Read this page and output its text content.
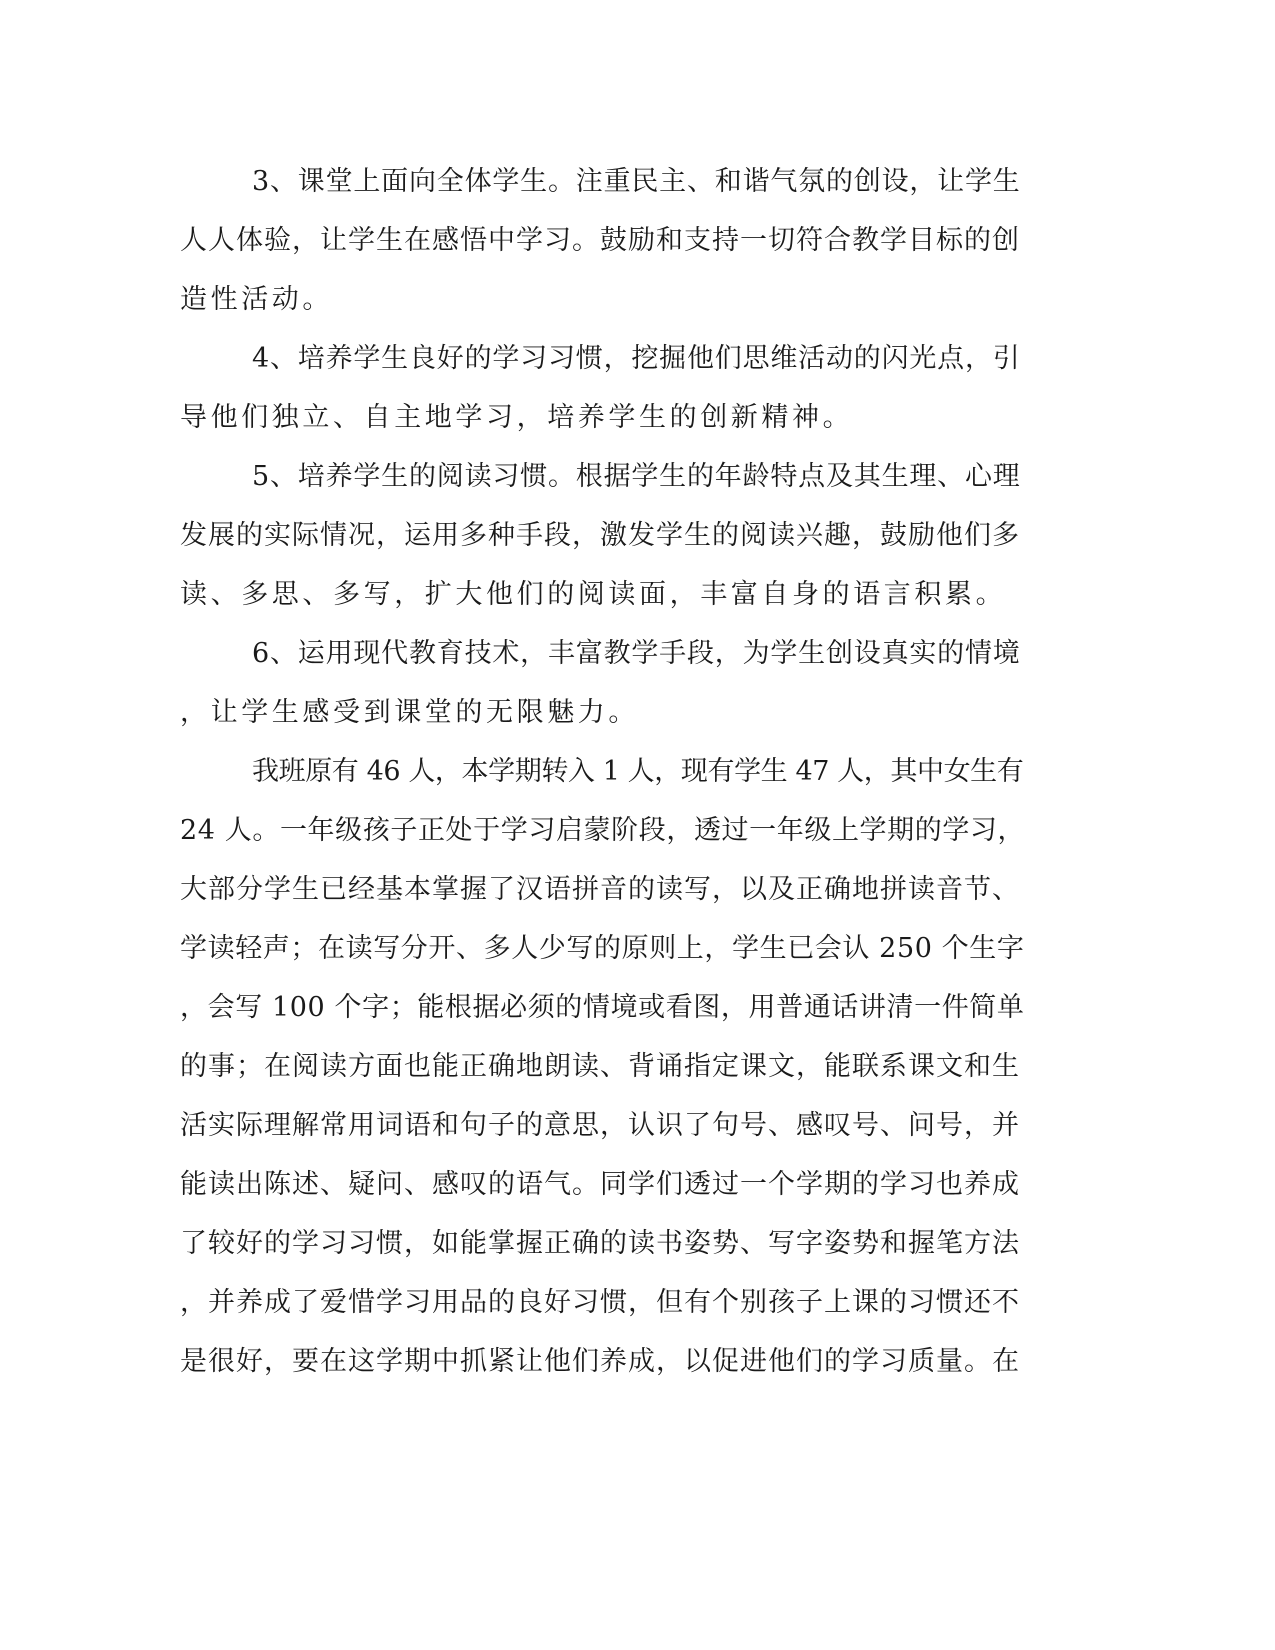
3、课堂上面向全体学生。注重民主、和谐气氛的创设，让学生
人人体验，让学生在感悟中学习。鼓励和支持一切符合教学目标的创
造性活动。
4、培养学生良好的学习习惯，挖掘他们思维活动的闪光点，引
导他们独立、自主地学习，培养学生的创新精神。
5、培养学生的阅读习惯。根据学生的年龄特点及其生理、心理
发展的实际情况，运用多种手段，激发学生的阅读兴趣，鼓励他们多
读、多思、多写，扩大他们的阅读面，丰富自身的语言积累。
6、运用现代教育技术，丰富教学手段，为学生创设真实的情境
，让学生感受到课堂的无限魅力。
我班原有 46 人，本学期转入 1 人，现有学生 47 人，其中女生有
24 人。一年级孩子正处于学习启蒙阶段，透过一年级上学期的学习，
大部分学生已经基本掌握了汉语拼音的读写，以及正确地拼读音节、
学读轻声；在读写分开、多人少写的原则上，学生已会认 250 个生字
，会写 100 个字；能根据必须的情境或看图，用普通话讲清一件简单
的事；在阅读方面也能正确地朗读、背诵指定课文，能联系课文和生
活实际理解常用词语和句子的意思，认识了句号、感叹号、问号，并
能读出陈述、疑问、感叹的语气。同学们透过一个学期的学习也养成
了较好的学习习惯，如能掌握正确的读书姿势、写字姿势和握笔方法
，并养成了爱惜学习用品的良好习惯，但有个别孩子上课的习惯还不
是很好，要在这学期中抓紧让他们养成，以促进他们的学习质量。在
